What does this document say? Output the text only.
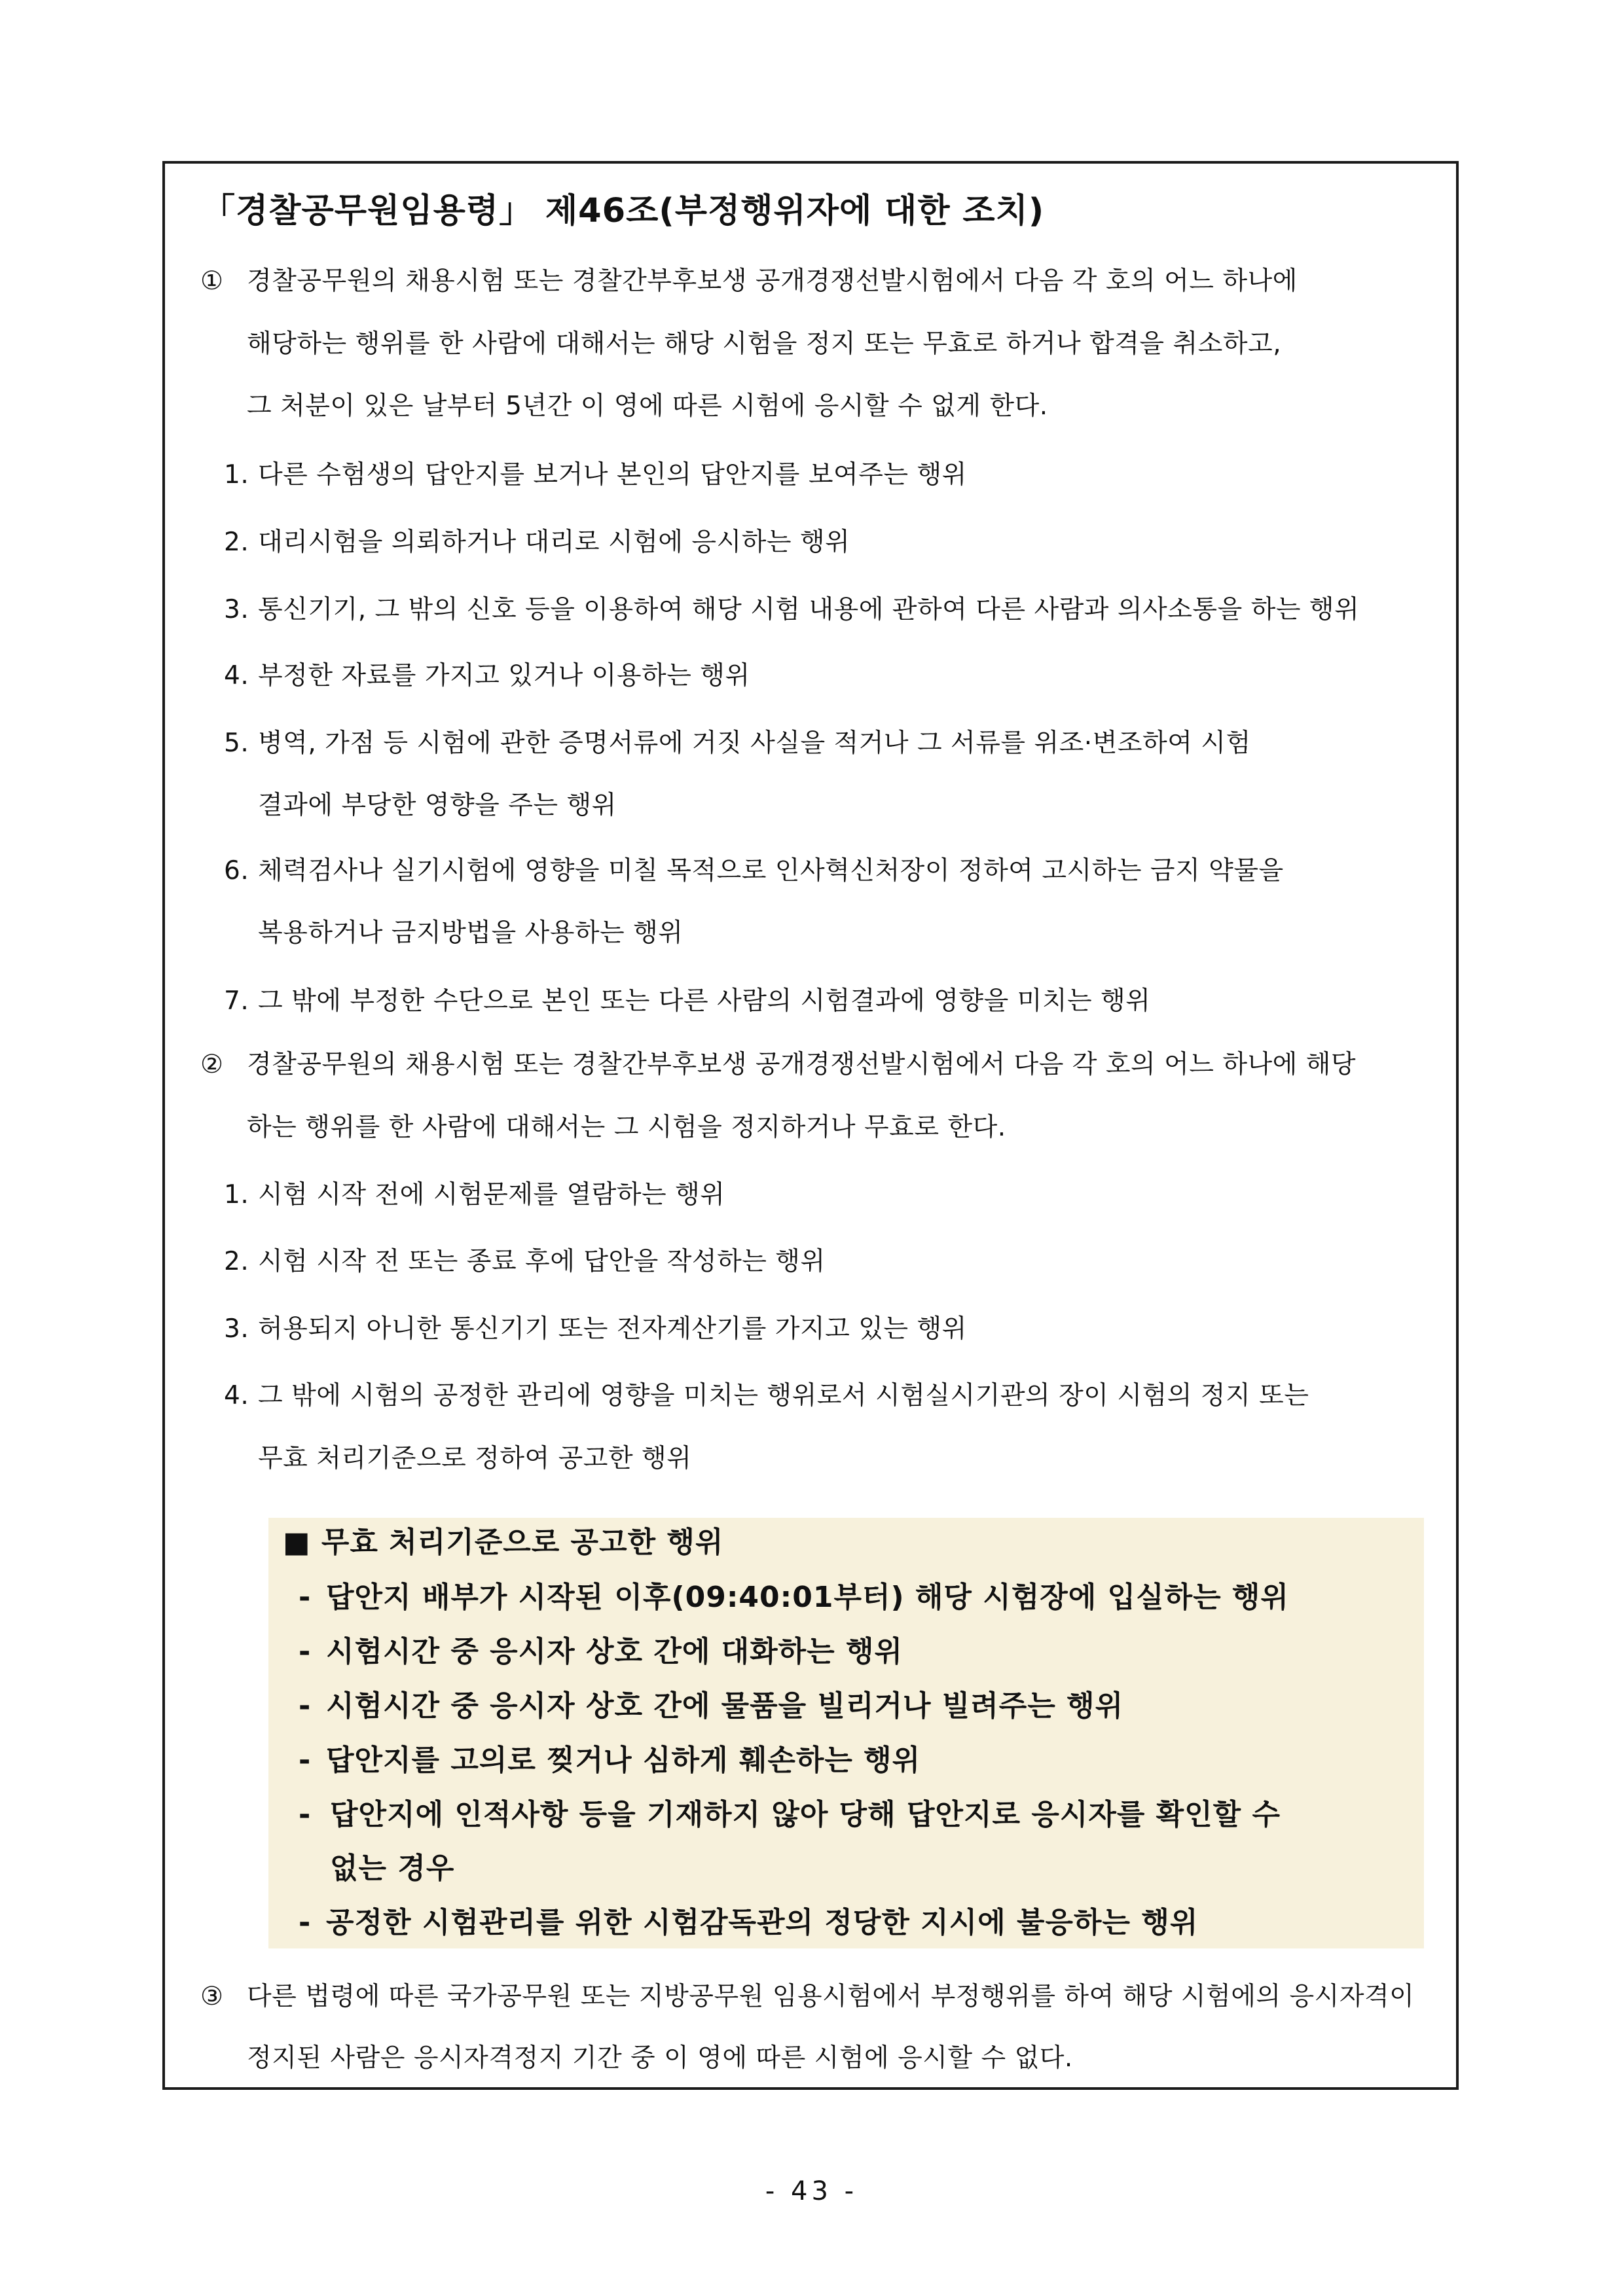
「경찰공무원임용령」 제46조(부정행위자에 대한 조치)
① 경찰공무원의 채용시험 또는 경찰간부후보생 공개경쟁선발시험에서 다음 각 호의 어느 하나에
해당하는 행위를 한 사람에 대해서는 해당 시험을 정지 또는 무효로 하거나 합격을 취소하고,
그 처분이 있은 날부터 5년간 이 영에 따른 시험에 응시할 수 없게 한다.
1. 다른 수험생의 답안지를 보거나 본인의 답안지를 보여주는 행위
2. 대리시험을 의뢰하거나 대리로 시험에 응시하는 행위
3. 통신기기, 그 밖의 신호 등을 이용하여 해당 시험 내용에 관하여 다른 사람과 의사소통을 하는 행위
4. 부정한 자료를 가지고 있거나 이용하는 행위
5. 병역, 가점 등 시험에 관한 증명서류에 거짓 사실을 적거나 그 서류를 위조·변조하여 시험
결과에 부당한 영향을 주는 행위
6. 체력검사나 실기시험에 영향을 미칠 목적으로 인사혁신처장이 정하여 고시하는 금지 약물을
복용하거나 금지방법을 사용하는 행위
7. 그 밖에 부정한 수단으로 본인 또는 다른 사람의 시험결과에 영향을 미치는 행위
② 경찰공무원의 채용시험 또는 경찰간부후보생 공개경쟁선발시험에서 다음 각 호의 어느 하나에 해당
하는 행위를 한 사람에 대해서는 그 시험을 정지하거나 무효로 한다.
1. 시험 시작 전에 시험문제를 열람하는 행위
2. 시험 시작 전 또는 종료 후에 답안을 작성하는 행위
3. 허용되지 아니한 통신기기 또는 전자계산기를 가지고 있는 행위
4. 그 밖에 시험의 공정한 관리에 영향을 미치는 행위로서 시험실시기관의 장이 시험의 정지 또는
무효 처리기준으로 정하여 공고한 행위
■ 무효 처리기준으로 공고한 행위
- 답안지 배부가 시작된 이후(09:40:01부터) 해당 시험장에 입실하는 행위
- 시험시간 중 응시자 상호 간에 대화하는 행위
- 시험시간 중 응시자 상호 간에 물품을 빌리거나 빌려주는 행위
- 답안지를 고의로 찢거나 심하게 훼손하는 행위
- 답안지에 인적사항 등을 기재하지 않아 당해 답안지로 응시자를 확인할 수
없는 경우
- 공정한 시험관리를 위한 시험감독관의 정당한 지시에 불응하는 행위
③ 다른 법령에 따른 국가공무원 또는 지방공무원 임용시험에서 부정행위를 하여 해당 시험에의 응시자격이
정지된 사람은 응시자격정지 기간 중 이 영에 따른 시험에 응시할 수 없다.
- 43 -
